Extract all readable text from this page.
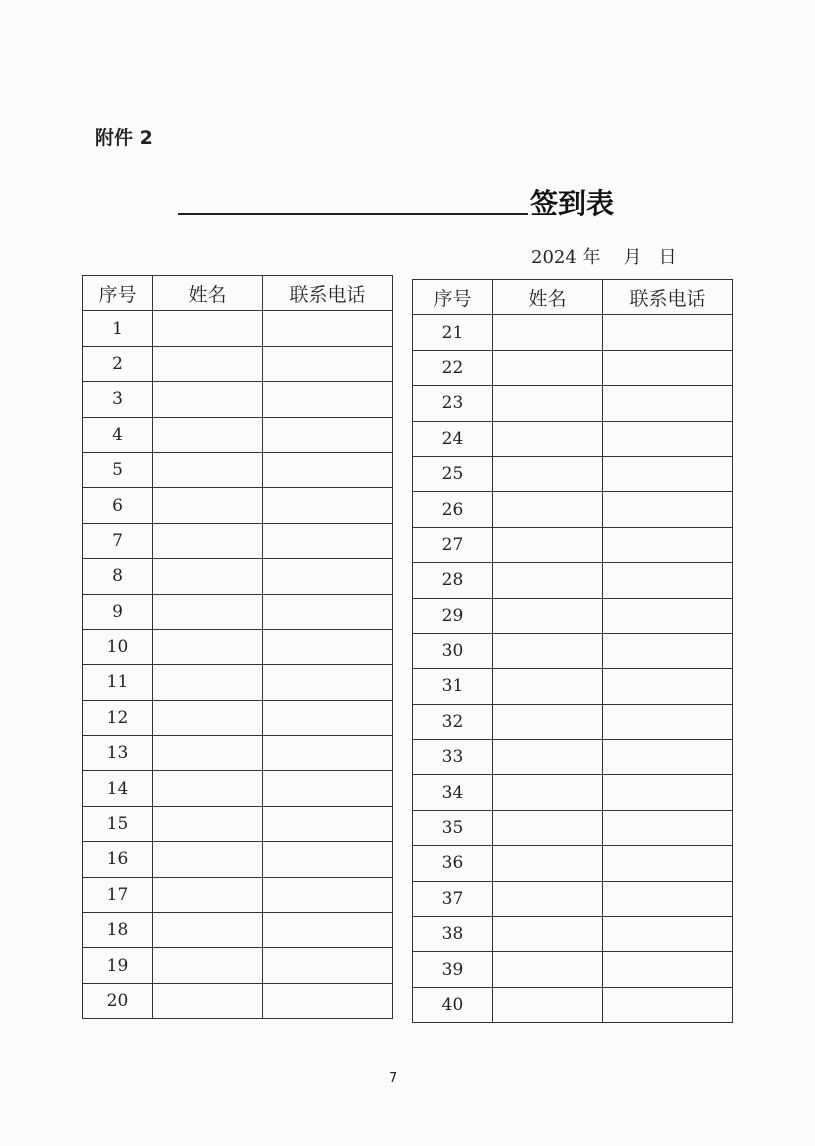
附件 2
签到表
2024 年 月 日
序号	姓名	联系电话
1		
2		
3		
4		
5		
6		
7		
8		
9		
10		
11		
12		
13		
14		
15		
16		
17		
18		
19		
20		
序号	姓名	联系电话
21		
22		
23		
24		
25		
26		
27		
28		
29		
30		
31		
32		
33		
34		
35		
36		
37		
38		
39		
40		
7
